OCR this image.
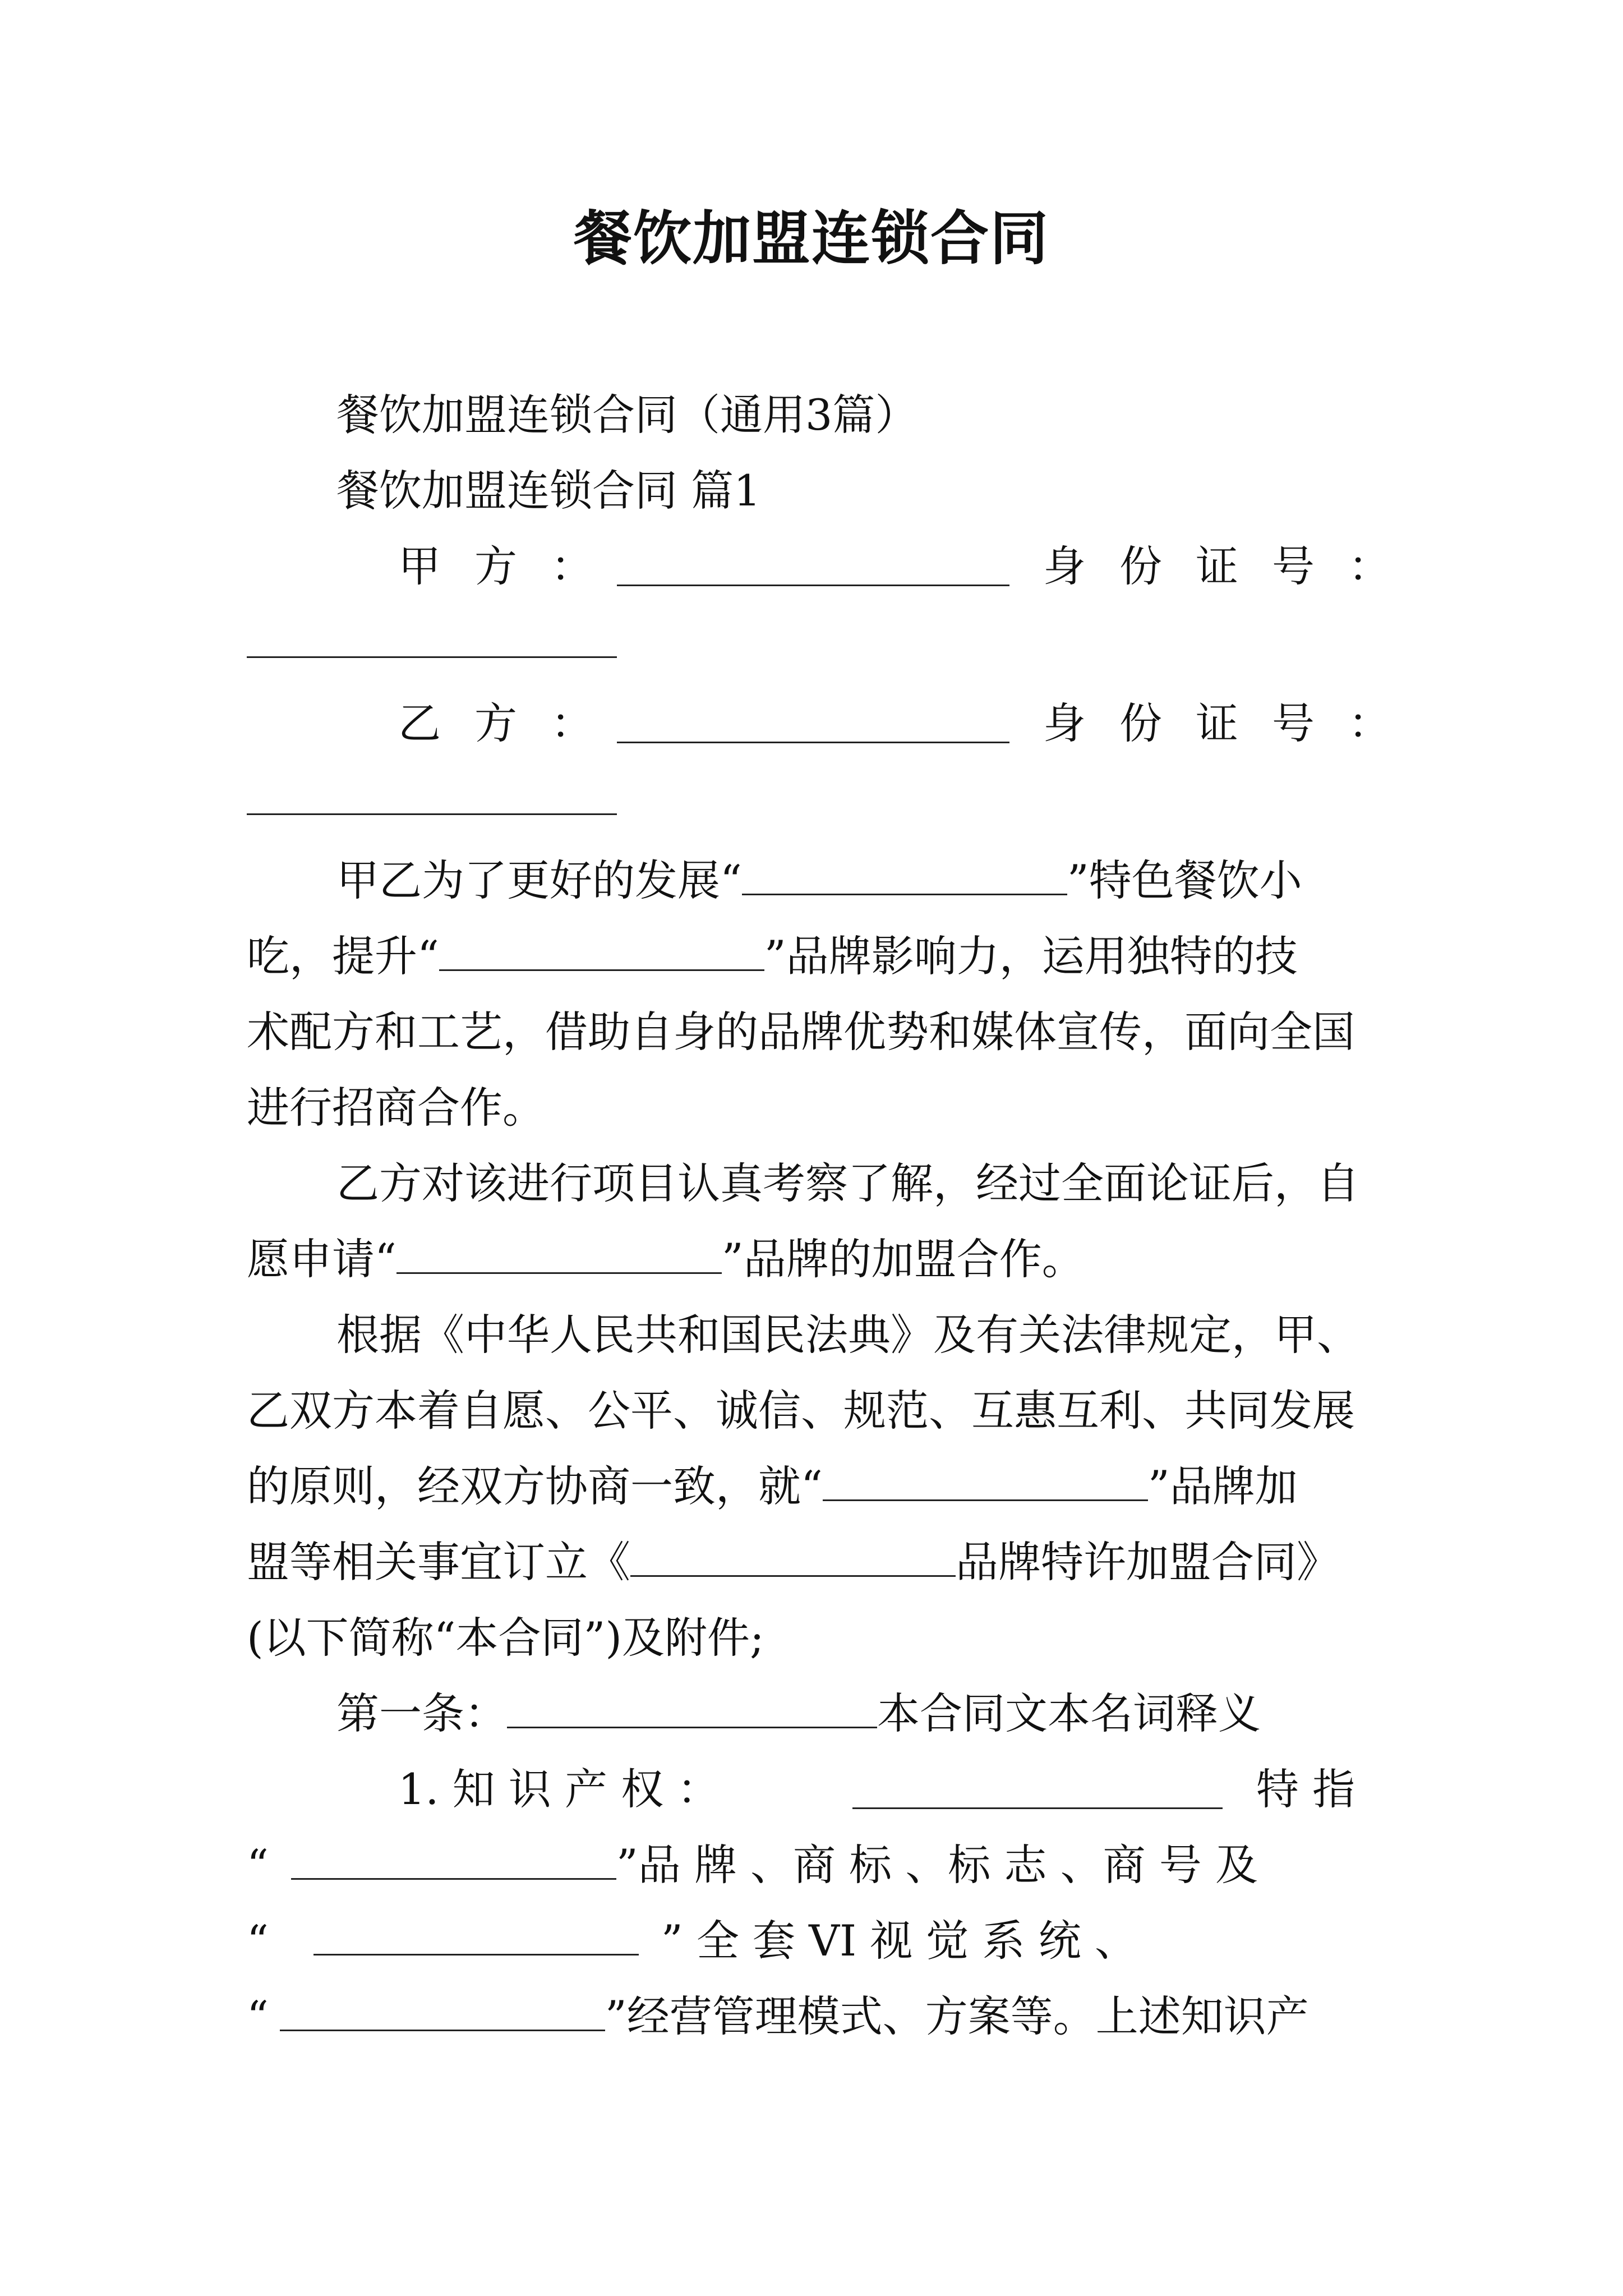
餐饮加盟连锁合同
餐饮加盟连锁合同（通用3篇）
餐饮加盟连锁合同 篇1
甲方：	身份证号：
乙方：	身份证号：
甲乙为了更好的发展“	”特色餐饮小
吃，提升“	”品牌影响力，运用独特的技
术配方和工艺，借助自身的品牌优势和媒体宣传，面向全国
进行招商合作。
乙方对该进行项目认真考察了解，经过全面论证后，自
愿申请“	”品牌的加盟合作。
根据《中华人民共和国民法典》及有关法律规定，甲、
乙双方本着自愿、公平、诚信、规范、互惠互利、共同发展
的原则，经双方协商一致，就“	”品牌加
盟等相关事宜订立《	品牌特许加盟合同》
(以下简称“本合同”)及附件;
第一条：	本合同文本名词释义
1. 知 识 产 权 ：	特 指
“	”品 牌 、商 标 、标 志 、商 号 及
“	” 全 套 VI 视 觉 系 统 、
“	”经营管理模式、方案等。上述知识产
